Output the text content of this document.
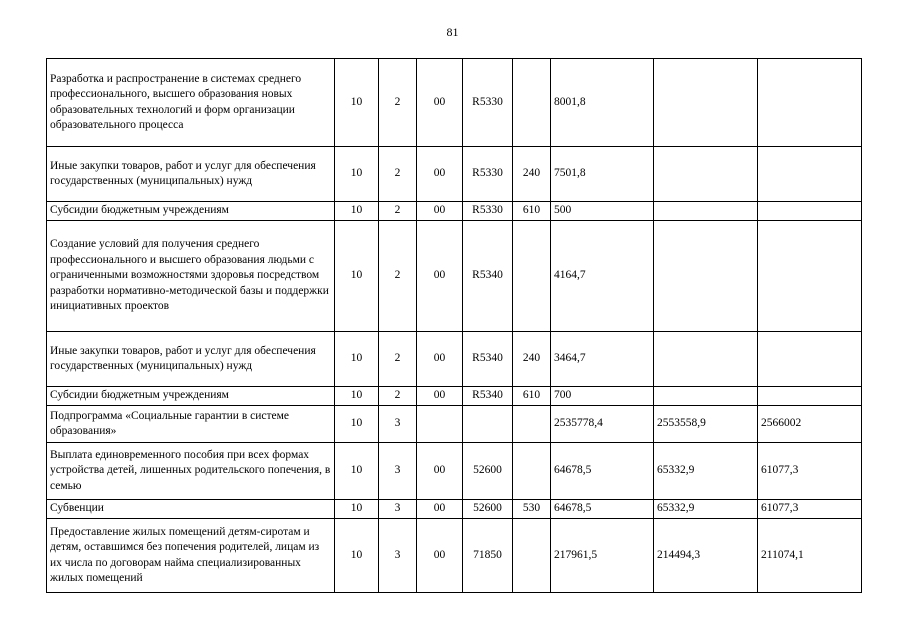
81
Разработка и распространение в системах среднего профессионального, высшего образования новых образовательных технологий и форм организации образовательного процесса	10	2	00	R5330		8001,8		
Иные закупки товаров, работ и услуг для обеспечения государственных (муниципальных) нужд	10	2	00	R5330	240	7501,8		
Субсидии бюджетным учреждениям	10	2	00	R5330	610	500		
Создание условий для получения среднего профессионального и высшего образования людьми с ограниченными возможностями здоровья посредством разработки нормативно-методической базы и поддержки инициативных проектов	10	2	00	R5340		4164,7		
Иные закупки товаров, работ и услуг для обеспечения государственных (муниципальных) нужд	10	2	00	R5340	240	3464,7		
Субсидии бюджетным учреждениям	10	2	00	R5340	610	700		
Подпрограмма «Социальные гарантии в системе образования»	10	3				2535778,4	2553558,9	2566002
Выплата единовременного пособия при всех формах устройства детей, лишенных родительского попечения, в семью	10	3	00	52600		64678,5	65332,9	61077,3
Субвенции	10	3	00	52600	530	64678,5	65332,9	61077,3
Предоставление жилых помещений детям-сиротам и детям, оставшимся без попечения родителей, лицам из их числа по договорам найма специализированных жилых помещений	10	3	00	71850		217961,5	214494,3	211074,1
